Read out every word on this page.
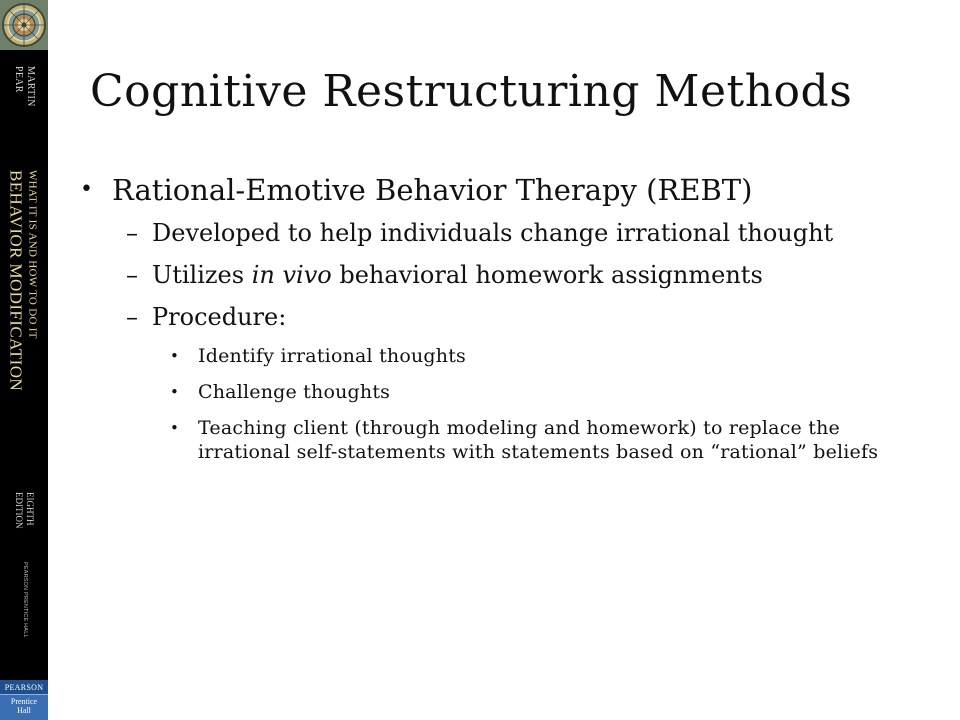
MARTIN
PEAR
BEHAVIOR MODIFICATION WHAT IT IS AND HOW TO DO IT
EIGHTH
EDITION
PEARSON PRENTICE HALL
PEARSON
Prentice
Hall
Cognitive Restructuring Methods
• Rational-Emotive Behavior Therapy (REBT)
– Developed to help individuals change irrational thought
– Utilizes in vivo behavioral homework assignments
– Procedure:
• Identify irrational thoughts
• Challenge thoughts
• Teaching client (through modeling and homework) to replace the irrational self-statements with statements based on “rational” beliefs
